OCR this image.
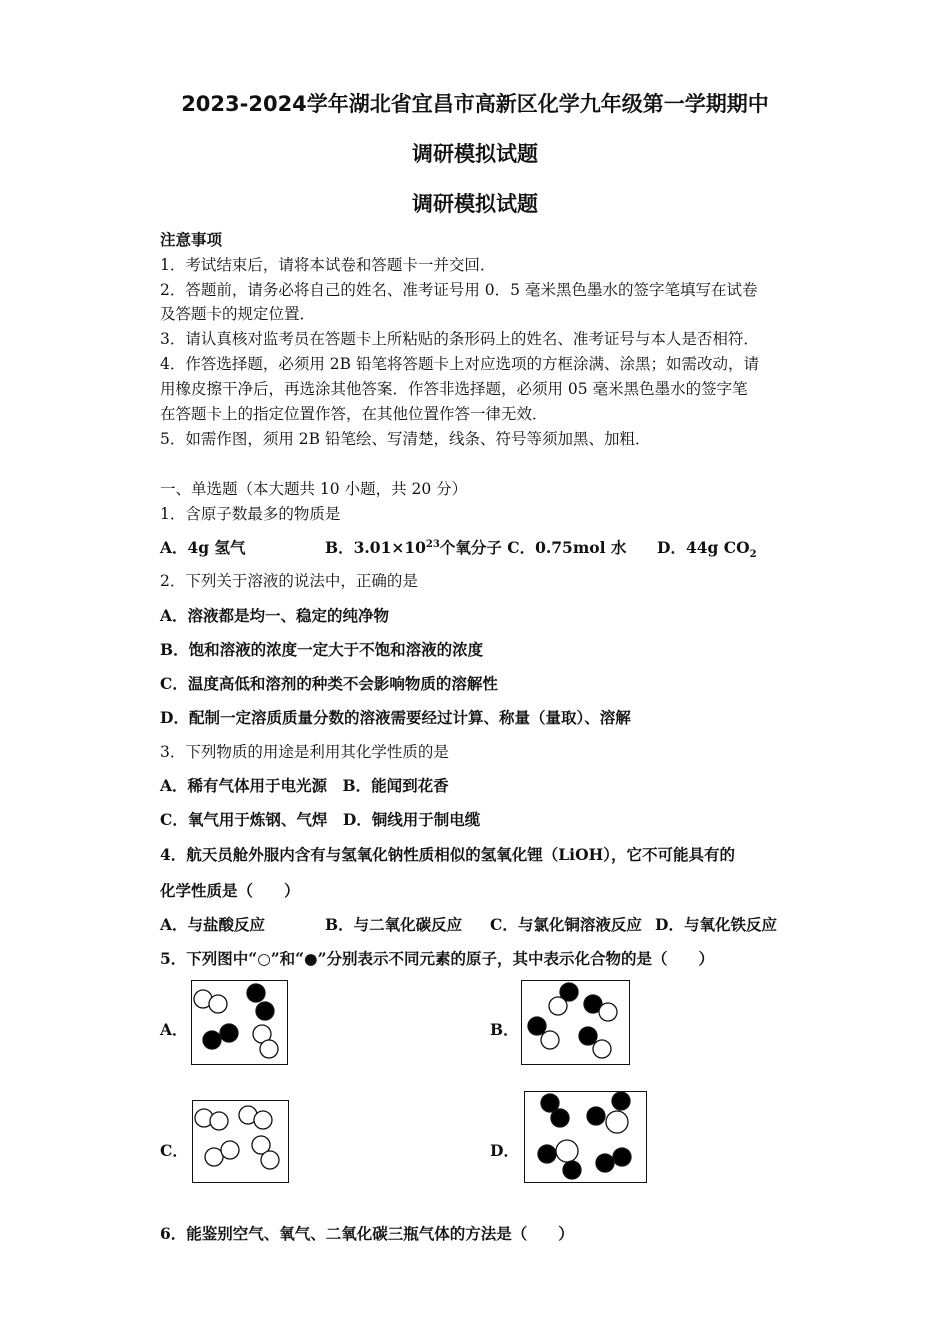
2023-2024学年湖北省宜昌市高新区化学九年级第一学期期中
调研模拟试题
调研模拟试题
注意事项
1．考试结束后，请将本试卷和答题卡一并交回．
2．答题前，请务必将自己的姓名、准考证号用 0．5 毫米黑色墨水的签字笔填写在试卷
及答题卡的规定位置．
3．请认真核对监考员在答题卡上所粘贴的条形码上的姓名、准考证号与本人是否相符．
4．作答选择题，必须用 2B 铅笔将答题卡上对应选项的方框涂满、涂黑；如需改动，请
用橡皮擦干净后，再选涂其他答案．作答非选择题，必须用 05 毫米黑色墨水的签字笔
在答题卡上的指定位置作答，在其他位置作答一律无效．
5．如需作图，须用 2B 铅笔绘、写清楚，线条、符号等须加黑、加粗．
一、单选题（本大题共 10 小题，共 20 分）
1．含原子数最多的物质是
A．4g 氢气	B．$3.01\times 10^{23}$个氧分子 C．0.75mol 水 D．44g $CO_2$
2．下列关于溶液的说法中，正确的是
A．溶液都是均一、稳定的纯净物
B．饱和溶液的浓度一定大于不饱和溶液的浓度
C．温度高低和溶剂的种类不会影响物质的溶解性
D．配制一定溶质质量分数的溶液需要经过计算、称量（量取）、溶解
3．下列物质的用途是利用其化学性质的是
A．稀有气体用于电光源　B．能闻到花香
C．氧气用于炼钢、气焊　D．铜线用于制电缆
4．航天员舱外服内含有与氢氧化钠性质相似的氢氧化锂（LiOH），它不可能具有的
化学性质是（　　）
A．与盐酸反应	B．与二氧化碳反应 C．与氯化铜溶液反应 D．与氧化铁反应
5．下列图中“○”和“●”分别表示不同元素的原子，其中表示化合物的是（　　）
A．	B．
C．	D．
6．能鉴别空气、氧气、二氧化碳三瓶气体的方法是（　　）
